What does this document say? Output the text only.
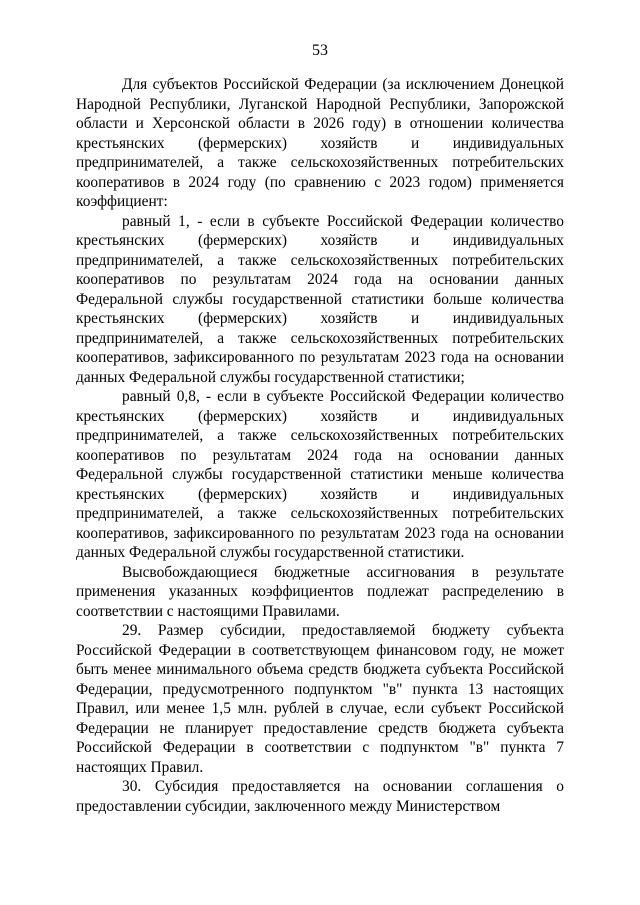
53

Для субъектов Российской Федерации (за исключением Донецкой Народной Республики, Луганской Народной Республики, Запорожской области и Херсонской области в 2026 году) в отношении количества крестьянских (фермерских) хозяйств и индивидуальных предпринимателей, а также сельскохозяйственных потребительских кооперативов в 2024 году (по сравнению с 2023 годом) применяется коэффициент:

равный 1, - если в субъекте Российской Федерации количество крестьянских (фермерских) хозяйств и индивидуальных предпринимателей, а также сельскохозяйственных потребительских кооперативов по результатам 2024 года на основании данных Федеральной службы государственной статистики больше количества крестьянских (фермерских) хозяйств и индивидуальных предпринимателей, а также сельскохозяйственных потребительских кооперативов, зафиксированного по результатам 2023 года на основании данных Федеральной службы государственной статистики;

равный 0,8, - если в субъекте Российской Федерации количество крестьянских (фермерских) хозяйств и индивидуальных предпринимателей, а также сельскохозяйственных потребительских кооперативов по результатам 2024 года на основании данных Федеральной службы государственной статистики меньше количества крестьянских (фермерских) хозяйств и индивидуальных предпринимателей, а также сельскохозяйственных потребительских кооперативов, зафиксированного по результатам 2023 года на основании данных Федеральной службы государственной статистики.

Высвобождающиеся бюджетные ассигнования в результате применения указанных коэффициентов подлежат распределению в соответствии с настоящими Правилами.

29. Размер субсидии, предоставляемой бюджету субъекта Российской Федерации в соответствующем финансовом году, не может быть менее минимального объема средств бюджета субъекта Российской Федерации, предусмотренного подпунктом "в" пункта 13 настоящих Правил, или менее 1,5 млн. рублей в случае, если субъект Российской Федерации не планирует предоставление средств бюджета субъекта Российской Федерации в соответствии с подпунктом "в" пункта 7 настоящих Правил.

30. Субсидия предоставляется на основании соглашения о предоставлении субсидии, заключенного между Министерством
